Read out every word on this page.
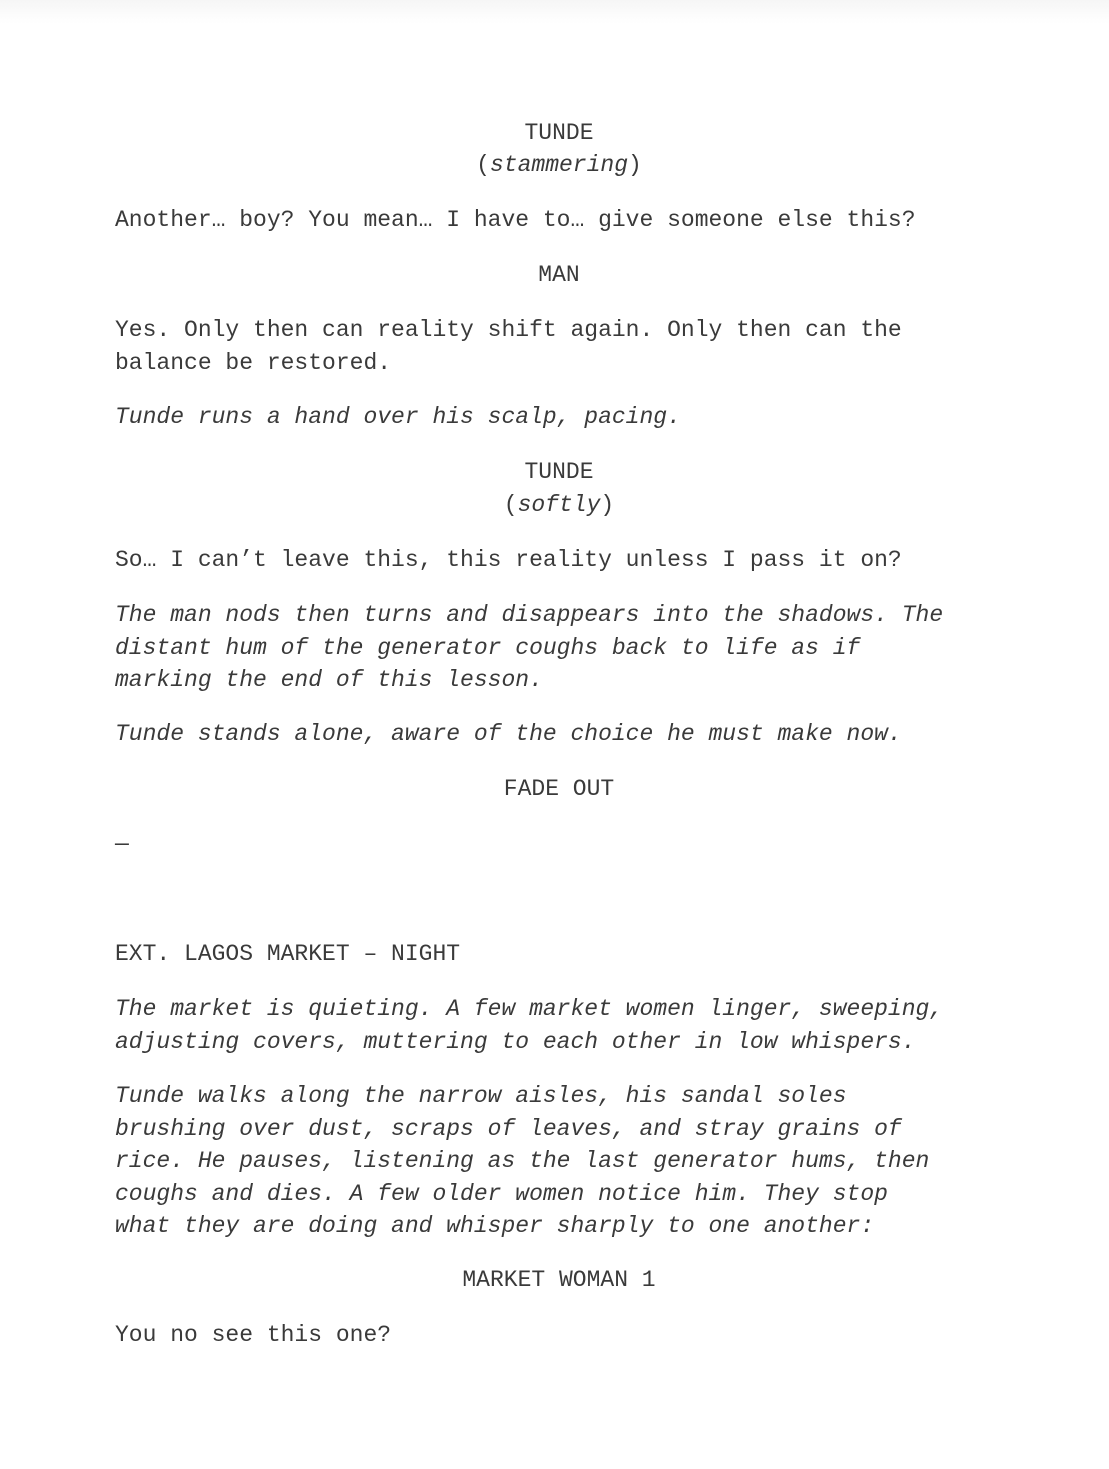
TUNDE
(stammering)
Another… boy? You mean… I have to… give someone else this?
MAN
Yes. Only then can reality shift again. Only then can the
balance be restored.
Tunde runs a hand over his scalp, pacing.
TUNDE
(softly)
So… I can’t leave this, this reality unless I pass it on?
The man nods then turns and disappears into the shadows. The
distant hum of the generator coughs back to life as if
marking the end of this lesson.
Tunde stands alone, aware of the choice he must make now.
FADE OUT
—
EXT. LAGOS MARKET – NIGHT
The market is quieting. A few market women linger, sweeping,
adjusting covers, muttering to each other in low whispers.
Tunde walks along the narrow aisles, his sandal soles
brushing over dust, scraps of leaves, and stray grains of
rice. He pauses, listening as the last generator hums, then
coughs and dies. A few older women notice him. They stop
what they are doing and whisper sharply to one another:
MARKET WOMAN 1
You no see this one?
